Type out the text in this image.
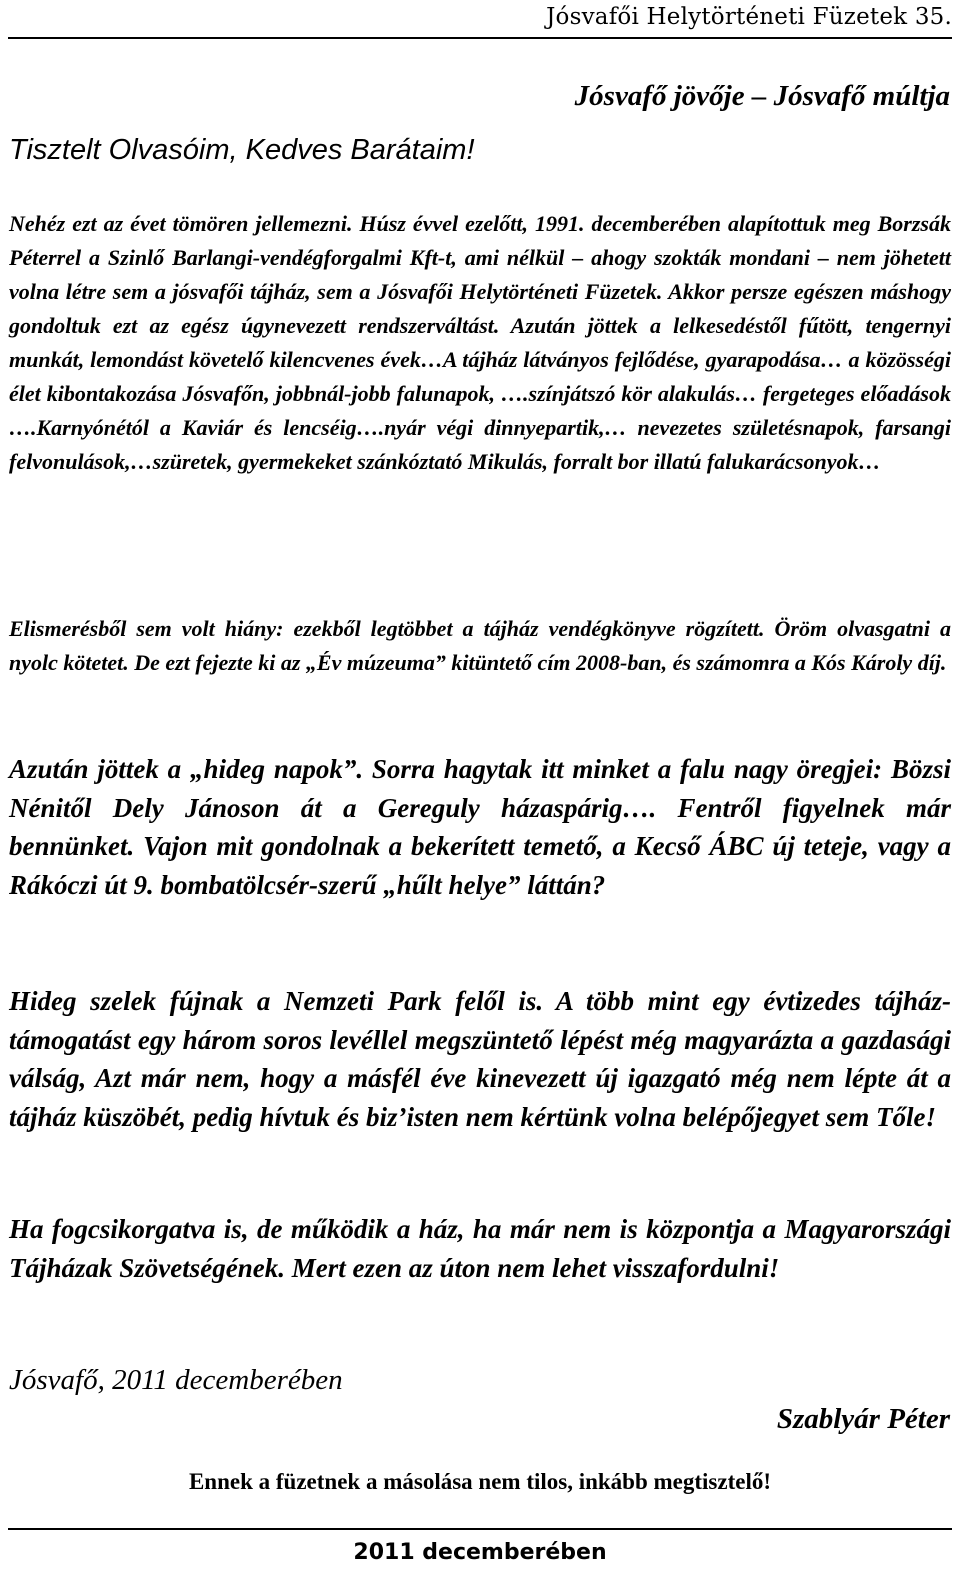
Jósvafői Helytörténeti Füzetek 35.
Jósvafő jövője – Jósvafő múltja
Tisztelt Olvasóim, Kedves Barátaim!

Nehéz ezt az évet tömören jellemezni. Húsz évvel ezelőtt, 1991. decemberében alapítottuk meg Borzsák Péterrel a Szinlő Barlangi-vendégforgalmi Kft-t, ami nélkül – ahogy szokták mondani – nem jöhetett volna létre sem a jósvafői tájház, sem a Jósvafői Helytörténeti Füzetek. Akkor persze egészen máshogy gondoltuk ezt az egész úgynevezett rendszerváltást. Azután jöttek a lelkesedéstől fűtött, tengernyi munkát, lemondást követelő kilencvenes évek…A tájház látványos fejlődése, gyarapodása… a közösségi élet kibontakozása Jósvafőn, jobbnál-jobb falunapok, ….színjátszó kör alakulás… fergeteges előadások ….Karnyónétól a Kaviár és lencséig….nyár végi dinnyepartik,… nevezetes születésnapok, farsangi felvonulások,…szüretek, gyermekeket szánkóztató Mikulás, forralt bor illatú falukarácsonyok…

Elismerésből sem volt hiány: ezekből legtöbbet a tájház vendégkönyve rögzített. Öröm olvasgatni a nyolc kötetet. De ezt fejezte ki az „Év múzeuma” kitüntető cím 2008-ban, és számomra a Kós Károly díj.

Azután jöttek a „hideg napok”. Sorra hagytak itt minket a falu nagy öregjei: Bözsi Nénitől Dely Jánoson át a Gereguly házaspárig…. Fentről figyelnek már bennünket. Vajon mit gondolnak a bekerített temető, a Kecső ÁBC új teteje, vagy a Rákóczi út 9. bombatölcsér-szerű „hűlt helye” láttán?

Hideg szelek fújnak a Nemzeti Park felől is. A több mint egy évtizedes tájház-támogatást egy három soros levéllel megszüntető lépést még magyarázta a gazdasági válság, Azt már nem, hogy a másfél éve kinevezett új igazgató még nem lépte át a tájház küszöbét, pedig hívtuk és biz’isten nem kértünk volna belépőjegyet sem Tőle!

Ha fogcsikorgatva is, de működik a ház, ha már nem is központja a Magyarországi Tájházak Szövetségének. Mert ezen az úton nem lehet visszafordulni!

Jósvafő, 2011 decemberében
Szablyár Péter
Ennek a füzetnek a másolása nem tilos, inkább megtisztelő!
2011 decemberében
